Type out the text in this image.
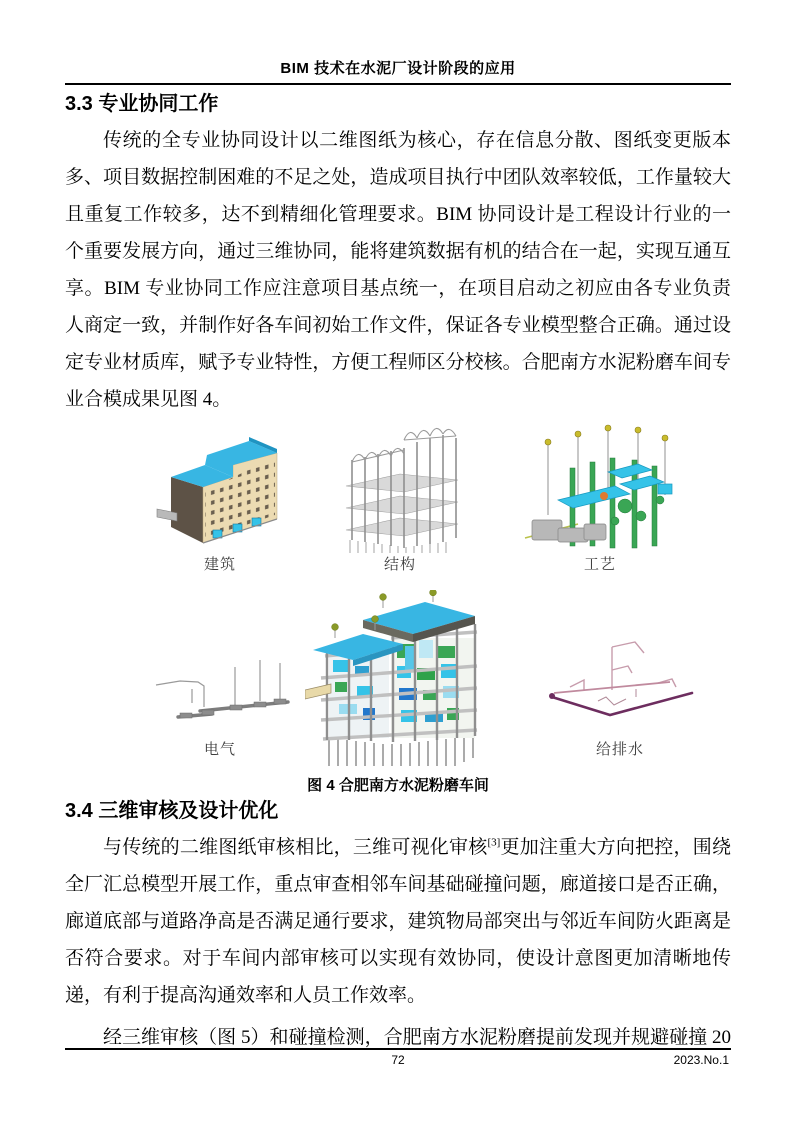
BIM 技术在水泥厂设计阶段的应用
3.3 专业协同工作

传统的全专业协同设计以二维图纸为核心，存在信息分散、图纸变更版本多、项目数据控制困难的不足之处，造成项目执行中团队效率较低，工作量较大且重复工作较多，达不到精细化管理要求。BIM 协同设计是工程设计行业的一个重要发展方向，通过三维协同，能将建筑数据有机的结合在一起，实现互通互享。BIM 专业协同工作应注意项目基点统一，在项目启动之初应由各专业负责人商定一致，并制作好各车间初始工作文件，保证各专业模型整合正确。通过设定专业材质库，赋予专业特性，方便工程师区分校核。合肥南方水泥粉磨车间专业合模成果见图 4。

建筑	结构	工艺
电气	给排水
图 4 合肥南方水泥粉磨车间
3.4 三维审核及设计优化

与传统的二维图纸审核相比，三维可视化审核[3]更加注重大方向把控，围绕全厂汇总模型开展工作，重点审查相邻车间基础碰撞问题，廊道接口是否正确，廊道底部与道路净高是否满足通行要求，建筑物局部突出与邻近车间防火距离是否符合要求。对于车间内部审核可以实现有效协同，使设计意图更加清晰地传递，有利于提高沟通效率和人员工作效率。

经三维审核（图 5）和碰撞检测，合肥南方水泥粉磨提前发现并规避碰撞 20

72	2023.No.1
